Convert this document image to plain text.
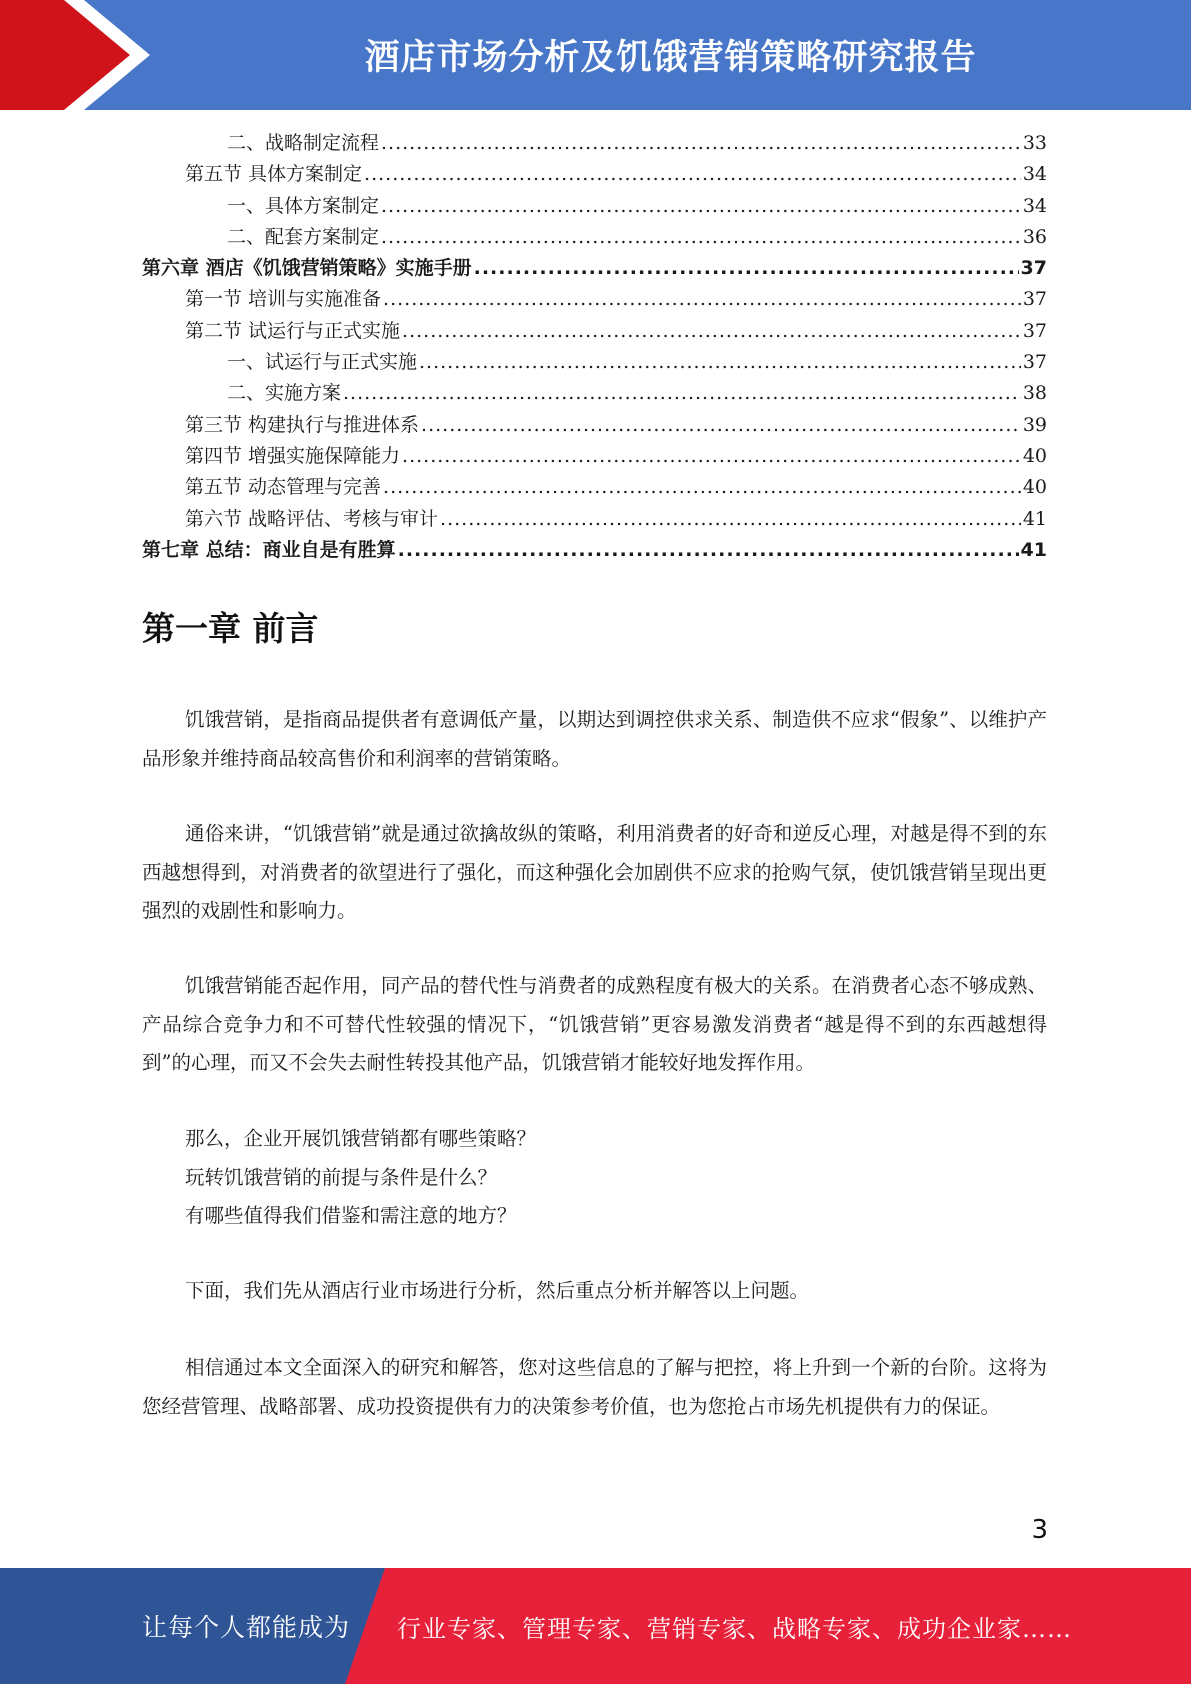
酒店市场分析及饥饿营销策略研究报告
二、战略制定流程 .....	33
第五节 具体方案制定 .....	34
一、具体方案制定 .....	34
二、配套方案制定 .....	36
第六章 酒店《饥饿营销策略》实施手册 .....	37
第一节 培训与实施准备 .....	37
第二节 试运行与正式实施 .....	37
一、试运行与正式实施 .....	37
二、实施方案 .....	38
第三节 构建执行与推进体系 .....	39
第四节 增强实施保障能力 .....	40
第五节 动态管理与完善 .....	40
第六节 战略评估、考核与审计 .....	41
第七章 总结：商业自是有胜算 .....	41
第一章 前言

饥饿营销，是指商品提供者有意调低产量，以期达到调控供求关系、制造供不应求“假象”、以维护产品形象并维持商品较高售价和利润率的营销策略。

通俗来讲，“饥饿营销”就是通过欲擒故纵的策略，利用消费者的好奇和逆反心理，对越是得不到的东西越想得到，对消费者的欲望进行了强化，而这种强化会加剧供不应求的抢购气氛，使饥饿营销呈现出更强烈的戏剧性和影响力。

饥饿营销能否起作用，同产品的替代性与消费者的成熟程度有极大的关系。在消费者心态不够成熟、产品综合竞争力和不可替代性较强的情况下，“饥饿营销”更容易激发消费者“越是得不到的东西越想得到”的心理，而又不会失去耐性转投其他产品，饥饿营销才能较好地发挥作用。

那么，企业开展饥饿营销都有哪些策略？

玩转饥饿营销的前提与条件是什么？

有哪些值得我们借鉴和需注意的地方？

下面，我们先从酒店行业市场进行分析，然后重点分析并解答以上问题。

相信通过本文全面深入的研究和解答，您对这些信息的了解与把控，将上升到一个新的台阶。这将为您经营管理、战略部署、成功投资提供有力的决策参考价值，也为您抢占市场先机提供有力的保证。

3
让每个人都能成为 行业专家、管理专家、营销专家、战略专家、成功企业家……
